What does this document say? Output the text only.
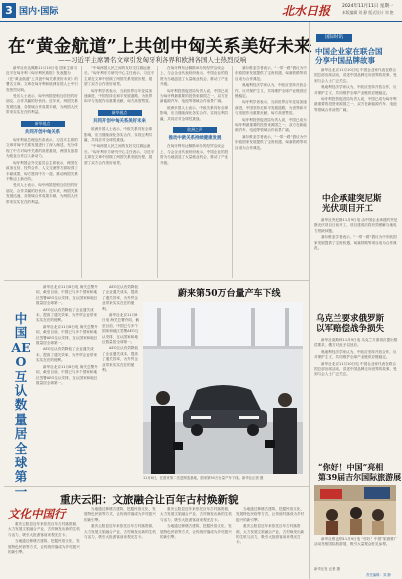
3 国内·国际	北水日报	2024年11月11日 星期一
本版编辑 刘 静 版式设计 刘 艳
在“黄金航道”上共创中匈关系美好未来
——习近平主席署名文章引发匈牙利各界和欧洲各国人士热烈反响

新华社布达佩斯11月10日电 国家主席习近平在匈牙利《匈牙利民族报》发表题为《在“黄金航道”上共创中匈关系美好未来》的署名文章。文章在匈牙利和欧洲各国人士中引发热烈反响。

受访人士表示，匈中两国是相互信任的好朋友、合作共赢的好伙伴。近年来，两国关系发展迅速，各领域合作成果丰硕，为两国人民带来实实在在的利益。

新华视点
共同开创中匈关系

匈牙利前总理迈杰希表示，习近平主席的文章对匈中关系发展进行了深入阐述，充分体现了中方对匈中关系的高度重视，两国友谊将为欧亚合作注入新动力。

匈牙利国会外交委员会主席表示，两国在政治互信、经贸合作、人文交流等方面取得了丰硕成果，匈方愿同中方一道，推动两国关系不断迈上新台阶。

受访人士表示，匈中两国是相互信任的好朋友、合作共赢的好伙伴。近年来，两国关系发展迅速，各领域合作成果丰硕，为两国人民带来实实在在的利益。

“中匈两国人民之间的友好交往源远流长。”匈牙利东方研究中心主任表示，习近平主席在文章中回顾了两国关系发展历程，展望了双方合作美好前景。

匈牙利学者表示，当前世界百年变局加速演进，中国坚持走和平发展道路，为世界和平与发展作出重要贡献，匈方高度赞赏。

新华视点
共同开创中匈关系美好未来

欧洲多国人士表示，中欧关系具有全球影响，应当继续深化务实合作，实现互利共赢，共同应对全球性挑战。

“中匈两国人民之间的友好交往源远流长。”匈牙利东方研究中心主任表示，习近平主席在文章中回顾了两国关系发展历程，展望了双方合作美好前景。

在匈牙利布达佩斯举办的经贸洽谈会上，与会企业代表纷纷表示，中国企业的投资为当地创造了大量就业机会，推动了产业升级。

匈牙利投资促进局负责人说，中国已成为匈牙利最重要的投资来源国之一，双方在新能源汽车、电池等领域合作前景广阔。

欧洲多国人士表示，中欧关系具有全球影响，应当继续深化务实合作，实现互利共赢，共同应对全球性挑战。

欧洲之声
推动中欧关系持续健康发展

在匈牙利布达佩斯举办的经贸洽谈会上，与会企业代表纷纷表示，中国企业的投资为当地创造了大量就业机会，推动了产业升级。

塞尔维亚学者表示，“一带一路”倡议为中东欧国家发展提供了宝贵机遇，匈塞铁路等项目成为合作典范。

奥地利经济学家认为，中欧应坚持开放合作，反对保护主义，共同维护全球产业链供应链稳定。

匈牙利学者表示，当前世界百年变局加速演进，中国坚持走和平发展道路，为世界和平与发展作出重要贡献，匈方高度赞赏。

匈牙利投资促进局负责人说，中国已成为匈牙利最重要的投资来源国之一，双方在新能源汽车、电池等领域合作前景广阔。

塞尔维亚学者表示，“一带一路”倡议为中东欧国家发展提供了宝贵机遇，匈塞铁路等项目成为合作典范。

国际时讯
中国企业家在联合国
分享中国品牌故事

新华社北京11月10日电 中国企业家代表在联合国总部出席活动，讲述中国品牌走向世界的故事，受到与会人士广泛关注。

奥地利经济学家认为，中欧应坚持开放合作，反对保护主义，共同维护全球产业链供应链稳定。

匈牙利投资促进局负责人说，中国已成为匈牙利最重要的投资来源国之一，双方在新能源汽车、电池等领域合作前景广阔。

中企承建突尼斯
光伏项目开工

新华社突尼斯11月9日电 由中国企业承建的突尼斯光伏项目日前开工，项目建成后将有效缓解当地电力短缺问题。

塞尔维亚学者表示，“一带一路”倡议为中东欧国家发展提供了宝贵机遇，匈塞铁路等项目成为合作典范。

乌克兰要求俄罗斯
以军赔偿战争损失

新华社莫斯科11月9日电 乌克兰方面再次提出赔偿要求，俄方对此予以回应。

奥地利经济学家认为，中欧应坚持开放合作，反对保护主义，共同维护全球产业链供应链稳定。

新华社北京11月10日电 中国企业家代表在联合国总部出席活动，讲述中国品牌走向世界的故事，受到与会人士广泛关注。

“你好！中国”亮相
第39届吉尔国际旅游展

新华社维也纳11月9日电 “你好！中国”旅游推广活动亮相国际旅游展，吸引大量观众驻足参观。

中国AEO互认数量居全球第一

新华社北京11月8日电 海关总署介绍，截至目前，中国已与多个国家和地区签署AEO互认安排，互认国家和地区数量居全球第一。

AEO互认有效降低了企业通关成本，提高了通关效率，为外贸企业带来实实在在的便利。

新华社北京11月8日电 海关总署介绍，截至目前，中国已与多个国家和地区签署AEO互认安排，互认国家和地区数量居全球第一。

AEO互认有效降低了企业通关成本，提高了通关效率，为外贸企业带来实实在在的便利。

新华社北京11月8日电 海关总署介绍，截至目前，中国已与多个国家和地区签署AEO互认安排，互认国家和地区数量居全球第一。

AEO互认有效降低了企业通关成本，提高了通关效率，为外贸企业带来实实在在的便利。

新华社北京11月8日电 海关总署介绍，截至目前，中国已与多个国家和地区签署AEO互认安排，互认国家和地区数量居全球第一。

AEO互认有效降低了企业通关成本，提高了通关效率，为外贸企业带来实实在在的便利。

蔚来第50万台量产车下线
11月6日，在蔚来第二先进制造基地，蔚来第50万台量产车下线。新华社记者 摄
重庆云阳：文旅融合让百年古村焕新貌
文化中国行

重庆云阳县近年来依托百年古村落资源，大力发展文旅融合产业，古村焕发出新的生机与活力，吸引大批游客前来观光打卡。

当地通过修缮古建筑、挖掘民俗文化、发展特色民宿等方式，让传统村落成为乡村振兴的新引擎。

当地通过修缮古建筑、挖掘民俗文化、发展特色民宿等方式，让传统村落成为乡村振兴的新引擎。

重庆云阳县近年来依托百年古村落资源，大力发展文旅融合产业，古村焕发出新的生机与活力，吸引大批游客前来观光打卡。

重庆云阳县近年来依托百年古村落资源，大力发展文旅融合产业，古村焕发出新的生机与活力，吸引大批游客前来观光打卡。

当地通过修缮古建筑、挖掘民俗文化、发展特色民宿等方式，让传统村落成为乡村振兴的新引擎。

当地通过修缮古建筑、挖掘民俗文化、发展特色民宿等方式，让传统村落成为乡村振兴的新引擎。

重庆云阳县近年来依托百年古村落资源，大力发展文旅融合产业，古村焕发出新的生机与活力，吸引大批游客前来观光打卡。

新华社发 记者 摄
责任编辑：刘 静
